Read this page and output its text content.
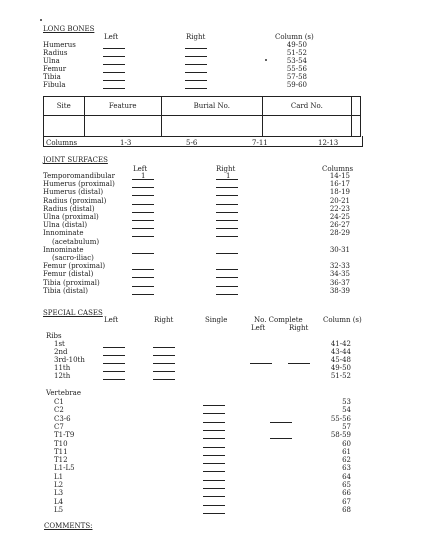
LONG BONES
Left	Right	Column (s)
Humerus	49-50
Radius	51-52
Ulna	53-54
Femur	55-56
Tibia	57-58
Fibula	59-60
Site	Feature	Burial No.	Card No.	

Columns	1-3	5-6	7-11	12-13
JOINT SURFACES
Left	Right	Columns
1	1
Temporomandibular	14-15
Humerus (proximal)	16-17
Humerus (distal)	18-19
Radius (proximal)	20-21
Radius (distal)	22-23
Ulna (proximal)	24-25
Ulna (distal)	26-27
Innominate	28-29
(acetabulum)
Innominate	30-31
(sacro-iliac)
Femur (proximal)	32-33
Femur (distal)	34-35
Tibia (proximal)	36-37
Tibia (distal)	38-39
SPECIAL CASES
Left	Right	Single	No. Complete
Left	Right
Column (s)
Ribs
1st	41-42
2nd	43-44
3rd-10th	45-48
11th	49-50
12th	51-52
Vertebrae
C1	53
C2	54
C3-6	55-56
C7	57
T1-T9	58-59
T10	60
T11	61
T12	62
L1-L5	63
L1	64
L2	65
L3	66
L4	67
L5	68
COMMENTS:
